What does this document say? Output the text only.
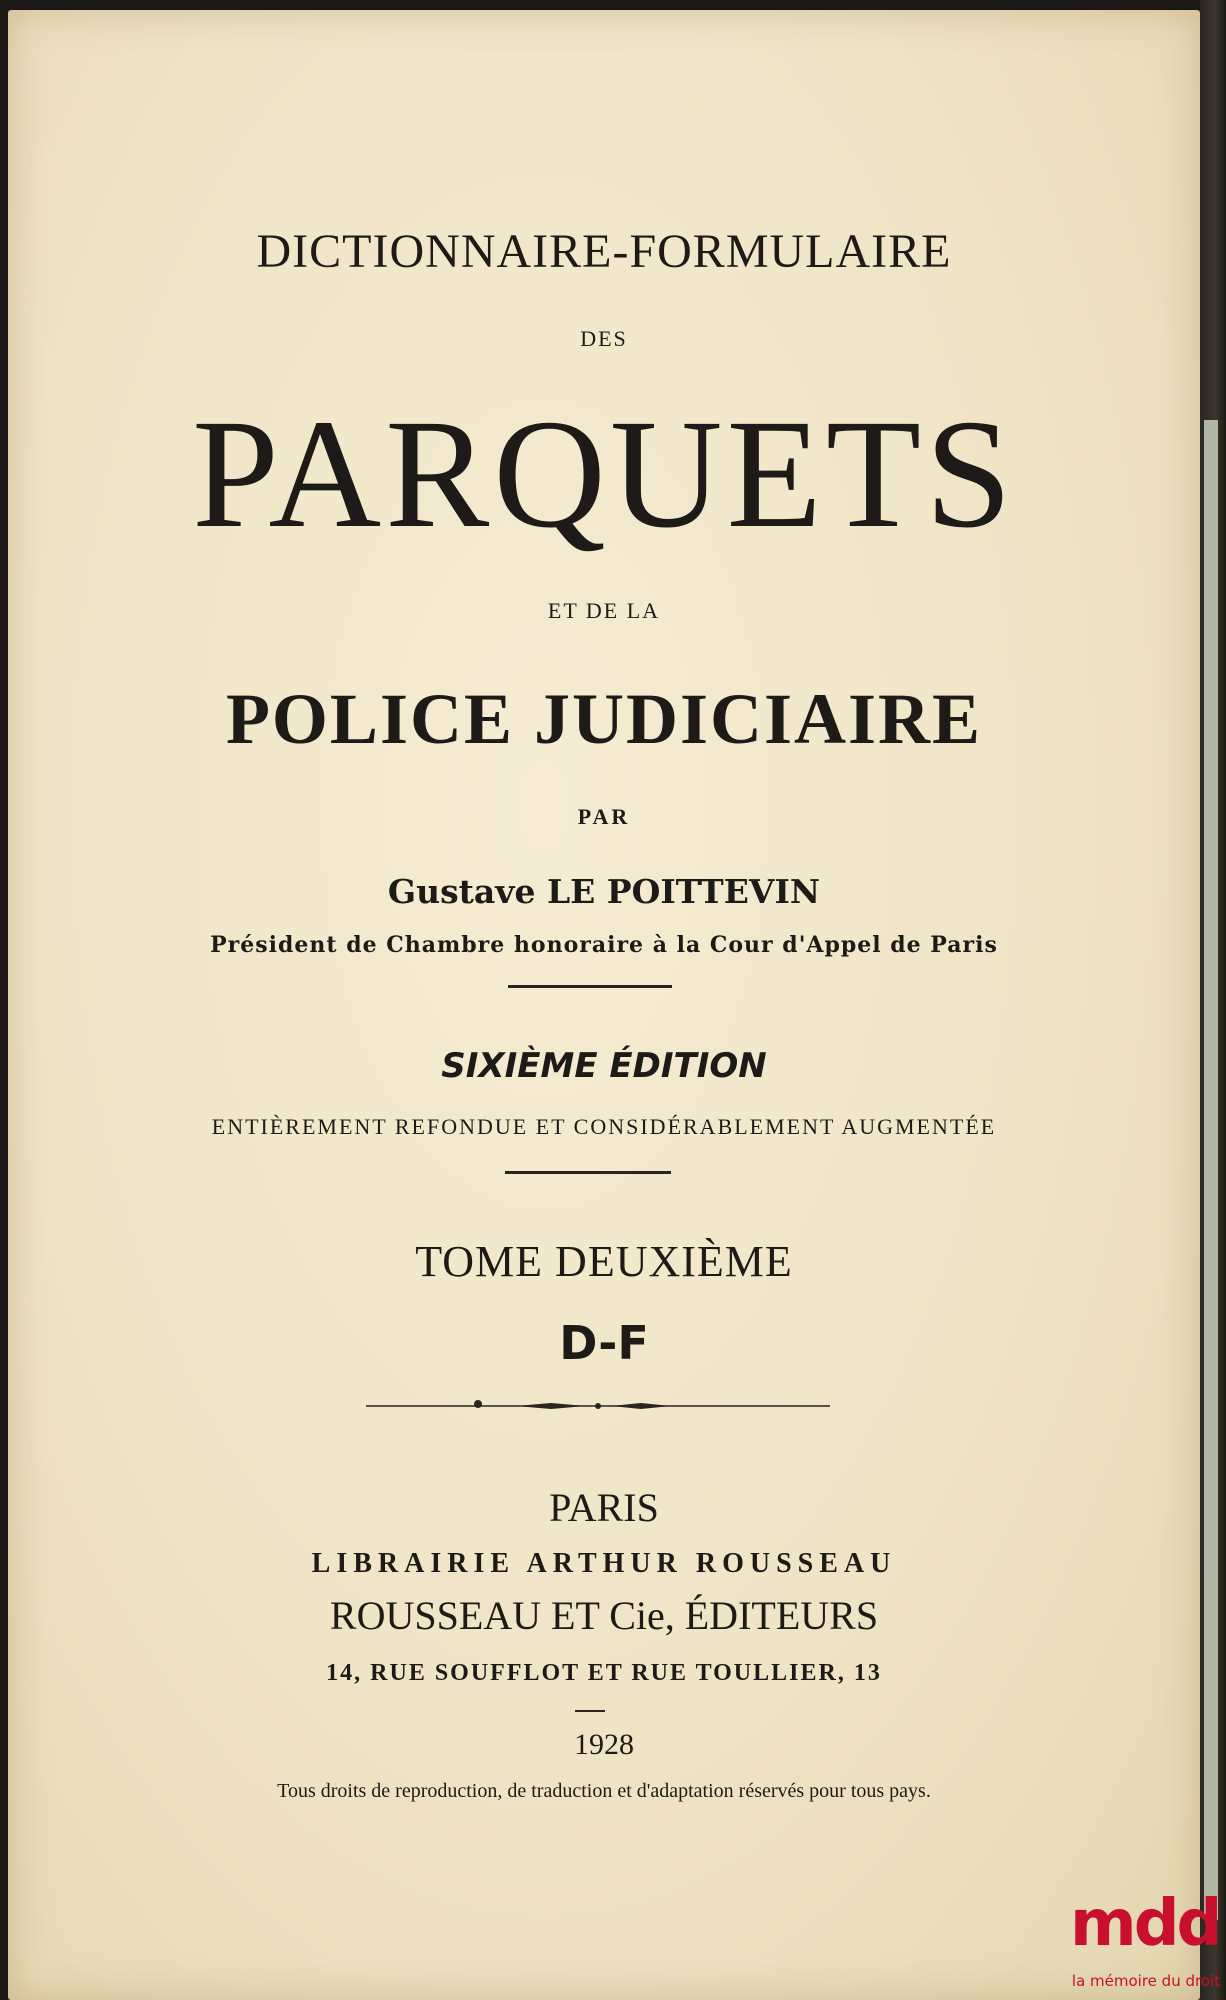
DICTIONNAIRE-FORMULAIRE
DES
PARQUETS
ET DE LA
POLICE JUDICIAIRE
PAR
Gustave LE POITTEVIN
Président de Chambre honoraire à la Cour d'Appel de Paris
SIXIÈME ÉDITION
ENTIÈREMENT REFONDUE ET CONSIDÉRABLEMENT AUGMENTÉE
TOME DEUXIÈME
D-F
PARIS
LIBRAIRIE ARTHUR ROUSSEAU
ROUSSEAU ET Cie, ÉDITEURS
14, RUE SOUFFLOT ET RUE TOULLIER, 13
1928
Tous droits de reproduction, de traduction et d'adaptation réservés pour tous pays.
mdd
la mémoire du droit
